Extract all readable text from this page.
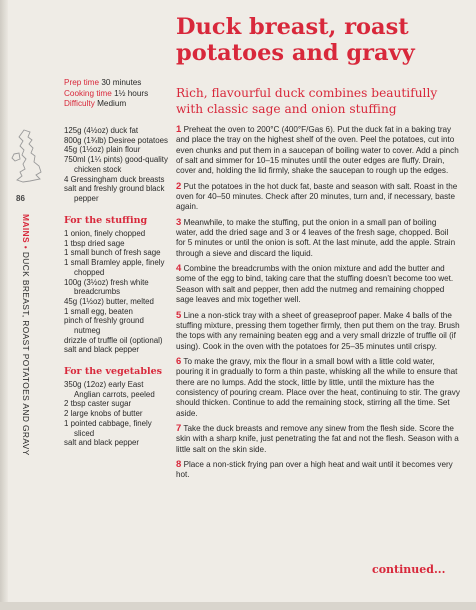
Duck breast, roast potatoes and gravy

Rich, flavourful duck combines beautifully with classic sage and onion stuffing

Prep time 30 minutes
Cooking time 1½ hours
Difficulty Medium
125g (4½oz) duck fat
800g (1¾lb) Desiree potatoes
45g (1½oz) plain flour
750ml (1¼ pints) good-quality chicken stock
4 Gressingham duck breasts
salt and freshly ground black pepper
For the stuffing
1 onion, finely chopped
1 tbsp dried sage
1 small bunch of fresh sage
1 small Bramley apple, finely chopped
100g (3½oz) fresh white breadcrumbs
45g (1½oz) butter, melted
1 small egg, beaten
pinch of freshly ground nutmeg
drizzle of truffle oil (optional)
salt and black pepper
For the vegetables
350g (12oz) early East Anglian carrots, peeled
2 tbsp caster sugar
2 large knobs of butter
1 pointed cabbage, finely sliced
salt and black pepper
86
MAINS • DUCK BREAST, ROAST POTATOES AND GRAVY

1 Preheat the oven to 200°C (400°F/Gas 6). Put the duck fat in a baking tray and place the tray on the highest shelf of the oven. Peel the potatoes, cut into even chunks and put them in a saucepan of boiling water to cover. Add a pinch of salt and simmer for 10–15 minutes until the outer edges are fluffy. Drain, cover and, holding the lid firmly, shake the saucepan to rough up the edges.

2 Put the potatoes in the hot duck fat, baste and season with salt. Roast in the oven for 40–50 minutes. Check after 20 minutes, turn and, if necessary, baste again.

3 Meanwhile, to make the stuffing, put the onion in a small pan of boiling water, add the dried sage and 3 or 4 leaves of the fresh sage, chopped. Boil for 5 minutes or until the onion is soft. At the last minute, add the apple. Strain through a sieve and discard the liquid.

4 Combine the breadcrumbs with the onion mixture and add the butter and some of the egg to bind, taking care that the stuffing doesn’t become too wet. Season with salt and pepper, then add the nutmeg and remaining chopped sage leaves and mix together well.

5 Line a non-stick tray with a sheet of greaseproof paper. Make 4 balls of the stuffing mixture, pressing them together firmly, then put them on the tray. Brush the tops with any remaining beaten egg and a very small drizzle of truffle oil (if using). Cook in the oven with the potatoes for 25–35 minutes until crispy.

6 To make the gravy, mix the flour in a small bowl with a little cold water, pouring it in gradually to form a thin paste, whisking all the while to ensure that there are no lumps. Add the stock, little by little, until the mixture has the consistency of pouring cream. Place over the heat, continuing to stir. The gravy should thicken. Continue to add the remaining stock, stirring all the time. Set aside.

7 Take the duck breasts and remove any sinew from the flesh side. Score the skin with a sharp knife, just penetrating the fat and not the flesh. Season with a little salt on the skin side.

8 Place a non-stick frying pan over a high heat and wait until it becomes very hot.

continued...
